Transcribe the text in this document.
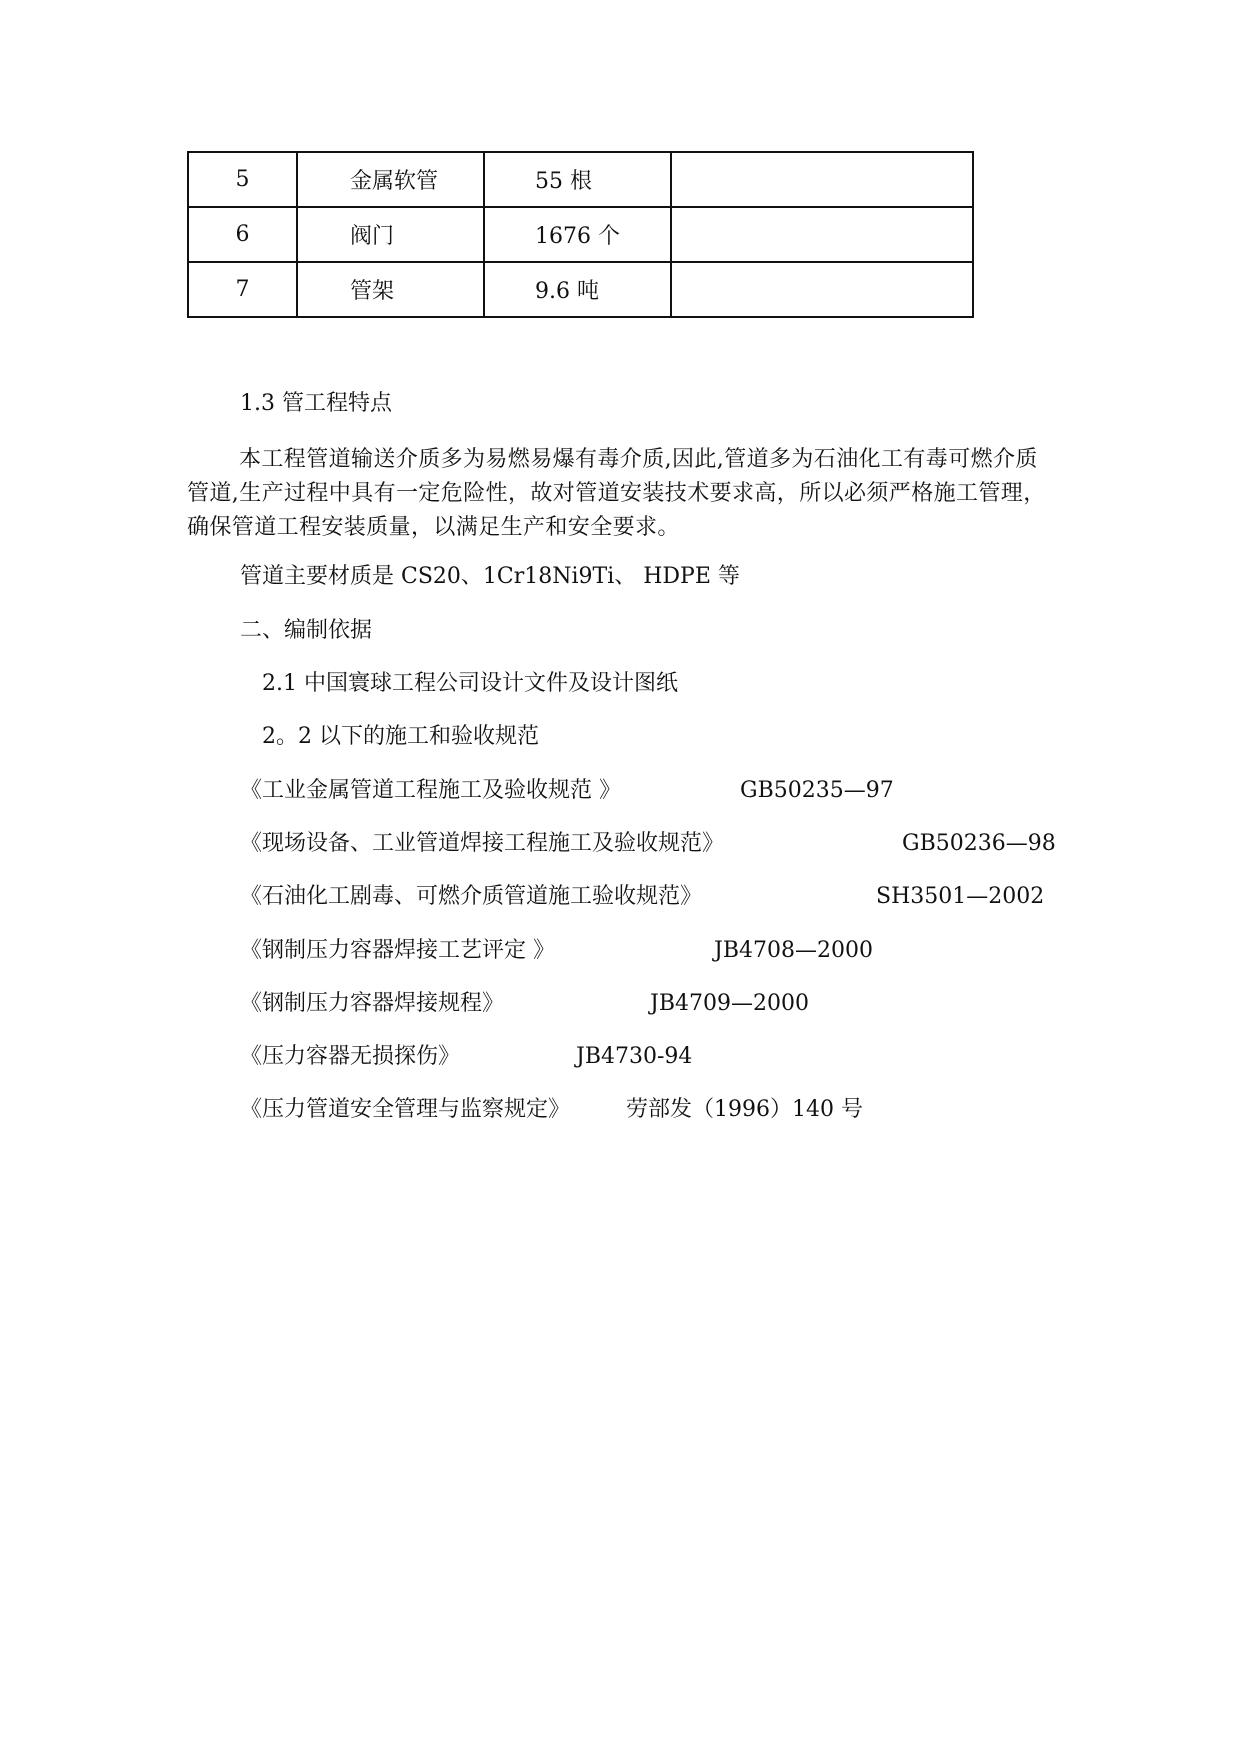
5	金属软管	55 根	
6	阀门	1676 个	
7	管架	9.6 吨	
1.3 管工程特点
本工程管道输送介质多为易燃易爆有毒介质,因此,管道多为石油化工有毒可燃介质管道,生产过程中具有一定危险性，故对管道安装技术要求高，所以必须严格施工管理，确保管道工程安装质量，以满足生产和安全要求。
管道主要材质是 CS20、1Cr18Ni9Ti、 HDPE 等
二、编制依据
2.1 中国寰球工程公司设计文件及设计图纸
2。2 以下的施工和验收规范
《工业金属管道工程施工及验收规范 》	GB50235—97
《现场设备、工业管道焊接工程施工及验收规范》	GB50236—98
《石油化工剧毒、可燃介质管道施工验收规范》	SH3501—2002
《钢制压力容器焊接工艺评定 》	JB4708—2000
《钢制压力容器焊接规程》	JB4709—2000
《压力容器无损探伤》	JB4730-94
《压力管道安全管理与监察规定》	劳部发（1996）140 号
